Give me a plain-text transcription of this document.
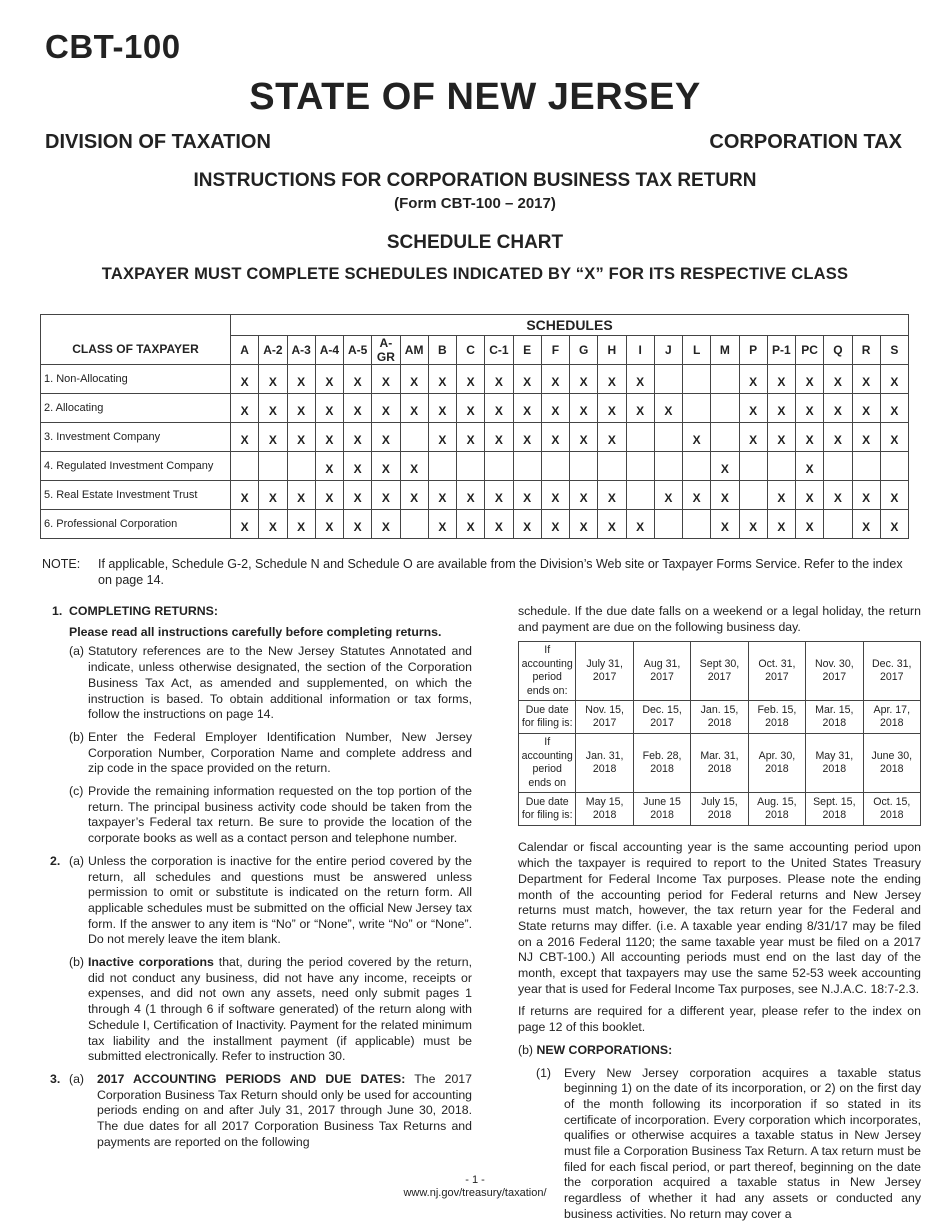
CBT-100
STATE OF NEW JERSEY
DIVISION OF TAXATION	CORPORATION TAX
INSTRUCTIONS FOR CORPORATION BUSINESS TAX RETURN
(Form CBT-100 – 2017)
SCHEDULE CHART
TAXPAYER MUST COMPLETE SCHEDULES INDICATED BY “X” FOR ITS RESPECTIVE CLASS
CLASS OF TAXPAYER	SCHEDULES																							
	A	A-2	A-3	A-4	A-5	A-GR	AM	B	C	C-1	E	F	G	H	I	J	L	M	P	P-1	PC	Q	R	S
1. Non-Allocating	X	X	X	X	X	X	X	X	X	X	X	X	X	X	X				X	X	X	X	X	X
2. Allocating	X	X	X	X	X	X	X	X	X	X	X	X	X	X	X	X			X	X	X	X	X	X
3. Investment Company	X	X	X	X	X	X		X	X	X	X	X	X	X			X		X	X	X	X	X	X
4. Regulated Investment Company				X	X	X	X											X			X			
5. Real Estate Investment Trust	X	X	X	X	X	X	X	X	X	X	X	X	X	X		X	X	X		X	X	X	X	X
6. Professional Corporation	X	X	X	X	X	X		X	X	X	X	X	X	X	X			X	X	X	X		X	X
NOTE: If applicable, Schedule G-2, Schedule N and Schedule O are available from the Division’s Web site or Taxpayer Forms Service. Refer to the index on page 14.
1. COMPLETING RETURNS:
Please read all instructions carefully before completing returns.
(a) Statutory references are to the New Jersey Statutes Annotated and indicate, unless otherwise designated, the section of the Corporation Business Tax Act, as amended and supplemented, on which the instruction is based. To obtain additional information or tax forms, follow the instructions on page 14.
(b) Enter the Federal Employer Identification Number, New Jersey Corporation Number, Corporation Name and complete address and zip code in the space provided on the return.
(c) Provide the remaining information requested on the top portion of the return. The principal business activity code should be taken from the taxpayer’s Federal tax return. Be sure to provide the location of the corporate books as well as a contact person and telephone number.
2. (a) Unless the corporation is inactive for the entire period covered by the return, all schedules and questions must be answered unless permission to omit or substitute is indicated on the return form. All applicable schedules must be submitted on the official New Jersey tax form. If the answer to any item is “No” or “None”, write “No” or “None”. Do not merely leave the item blank.
(b) Inactive corporations that, during the period covered by the return, did not conduct any business, did not have any income, receipts or expenses, and did not own any assets, need only submit pages 1 through 4 (1 through 6 if software generated) of the return along with Schedule I, Certification of Inactivity. Payment for the related minimum tax liability and the installment payment (if applicable) must be submitted electronically. Refer to instruction 30.
3. (a) 2017 ACCOUNTING PERIODS AND DUE DATES: The 2017 Corporation Business Tax Return should only be used for accounting periods ending on and after July 31, 2017 through June 30, 2018. The due dates for all 2017 Corporation Business Tax Returns and payments are reported on the following
schedule. If the due date falls on a weekend or a legal holiday, the return and payment are due on the following business day.
If accounting period ends on:	July 31, 2017	Aug 31, 2017	Sept 30, 2017	Oct. 31, 2017	Nov. 30, 2017	Dec. 31, 2017
Due date for filing is:	Nov. 15, 2017	Dec. 15, 2017	Jan. 15, 2018	Feb. 15, 2018	Mar. 15, 2018	Apr. 17, 2018
If accounting period ends on	Jan. 31, 2018	Feb. 28, 2018	Mar. 31, 2018	Apr. 30, 2018	May 31, 2018	June 30, 2018
Due date for filing is:	May 15, 2018	June 15 2018	July 15, 2018	Aug. 15, 2018	Sept. 15, 2018	Oct. 15, 2018
Calendar or fiscal accounting year is the same accounting period upon which the taxpayer is required to report to the United States Treasury Department for Federal Income Tax purposes. Please note the ending month of the accounting period for Federal returns and New Jersey returns must match, however, the tax return year for the Federal and State returns may differ. (i.e. A taxable year ending 8/31/17 may be filed on a 2016 Federal 1120; the same taxable year must be filed on a 2017 NJ CBT-100.) All accounting periods must end on the last day of the month, except that taxpayers may use the same 52-53 week accounting year that is used for Federal Income Tax purposes, see N.J.A.C. 18:7-2.3.
If returns are required for a different year, please refer to the index on page 12 of this booklet.
(b) NEW CORPORATIONS:
(1) Every New Jersey corporation acquires a taxable status beginning 1) on the date of its incorporation, or 2) on the first day of the month following its incorporation if so stated in its certificate of incorporation. Every corporation which incorporates, qualifies or otherwise acquires a taxable status in New Jersey must file a Corporation Business Tax Return. A tax return must be filed for each fiscal period, or part thereof, beginning on the date the corporation acquired a taxable status in New Jersey regardless of whether it had any assets or conducted any business activities. No return may cover a
- 1 -
www.nj.gov/treasury/taxation/
